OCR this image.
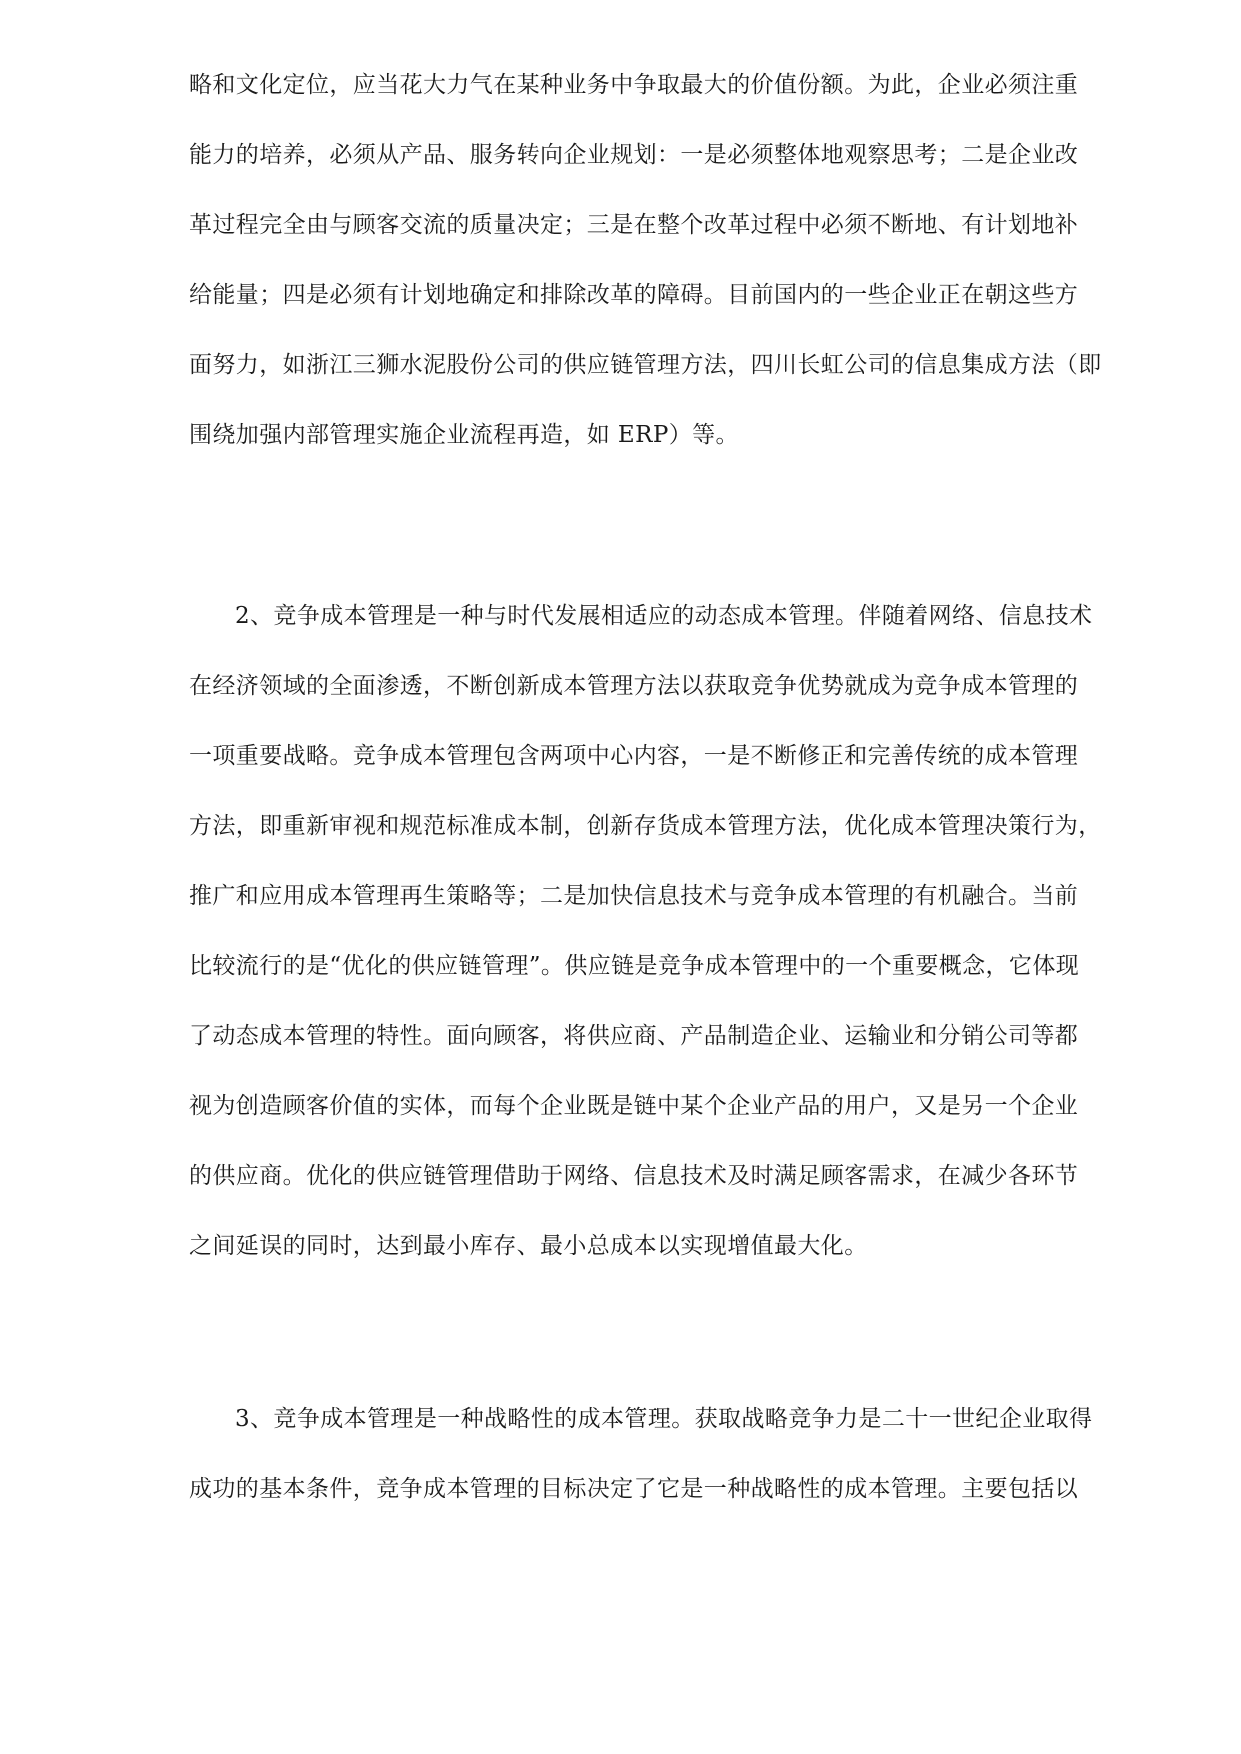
略和文化定位，应当花大力气在某种业务中争取最大的价值份额。为此，企业必须注重
能力的培养，必须从产品、服务转向企业规划：一是必须整体地观察思考；二是企业改
革过程完全由与顾客交流的质量决定；三是在整个改革过程中必须不断地、有计划地补
给能量；四是必须有计划地确定和排除改革的障碍。目前国内的一些企业正在朝这些方
面努力，如浙江三狮水泥股份公司的供应链管理方法，四川长虹公司的信息集成方法（即
围绕加强内部管理实施企业流程再造，如 ERP）等。
2、竞争成本管理是一种与时代发展相适应的动态成本管理。伴随着网络、信息技术
在经济领域的全面渗透，不断创新成本管理方法以获取竞争优势就成为竞争成本管理的
一项重要战略。竞争成本管理包含两项中心内容，一是不断修正和完善传统的成本管理
方法，即重新审视和规范标准成本制，创新存货成本管理方法，优化成本管理决策行为，
推广和应用成本管理再生策略等；二是加快信息技术与竞争成本管理的有机融合。当前
比较流行的是“优化的供应链管理”。供应链是竞争成本管理中的一个重要概念，它体现
了动态成本管理的特性。面向顾客，将供应商、产品制造企业、运输业和分销公司等都
视为创造顾客价值的实体，而每个企业既是链中某个企业产品的用户，又是另一个企业
的供应商。优化的供应链管理借助于网络、信息技术及时满足顾客需求，在减少各环节
之间延误的同时，达到最小库存、最小总成本以实现增值最大化。
3、竞争成本管理是一种战略性的成本管理。获取战略竞争力是二十一世纪企业取得
成功的基本条件，竞争成本管理的目标决定了它是一种战略性的成本管理。主要包括以
